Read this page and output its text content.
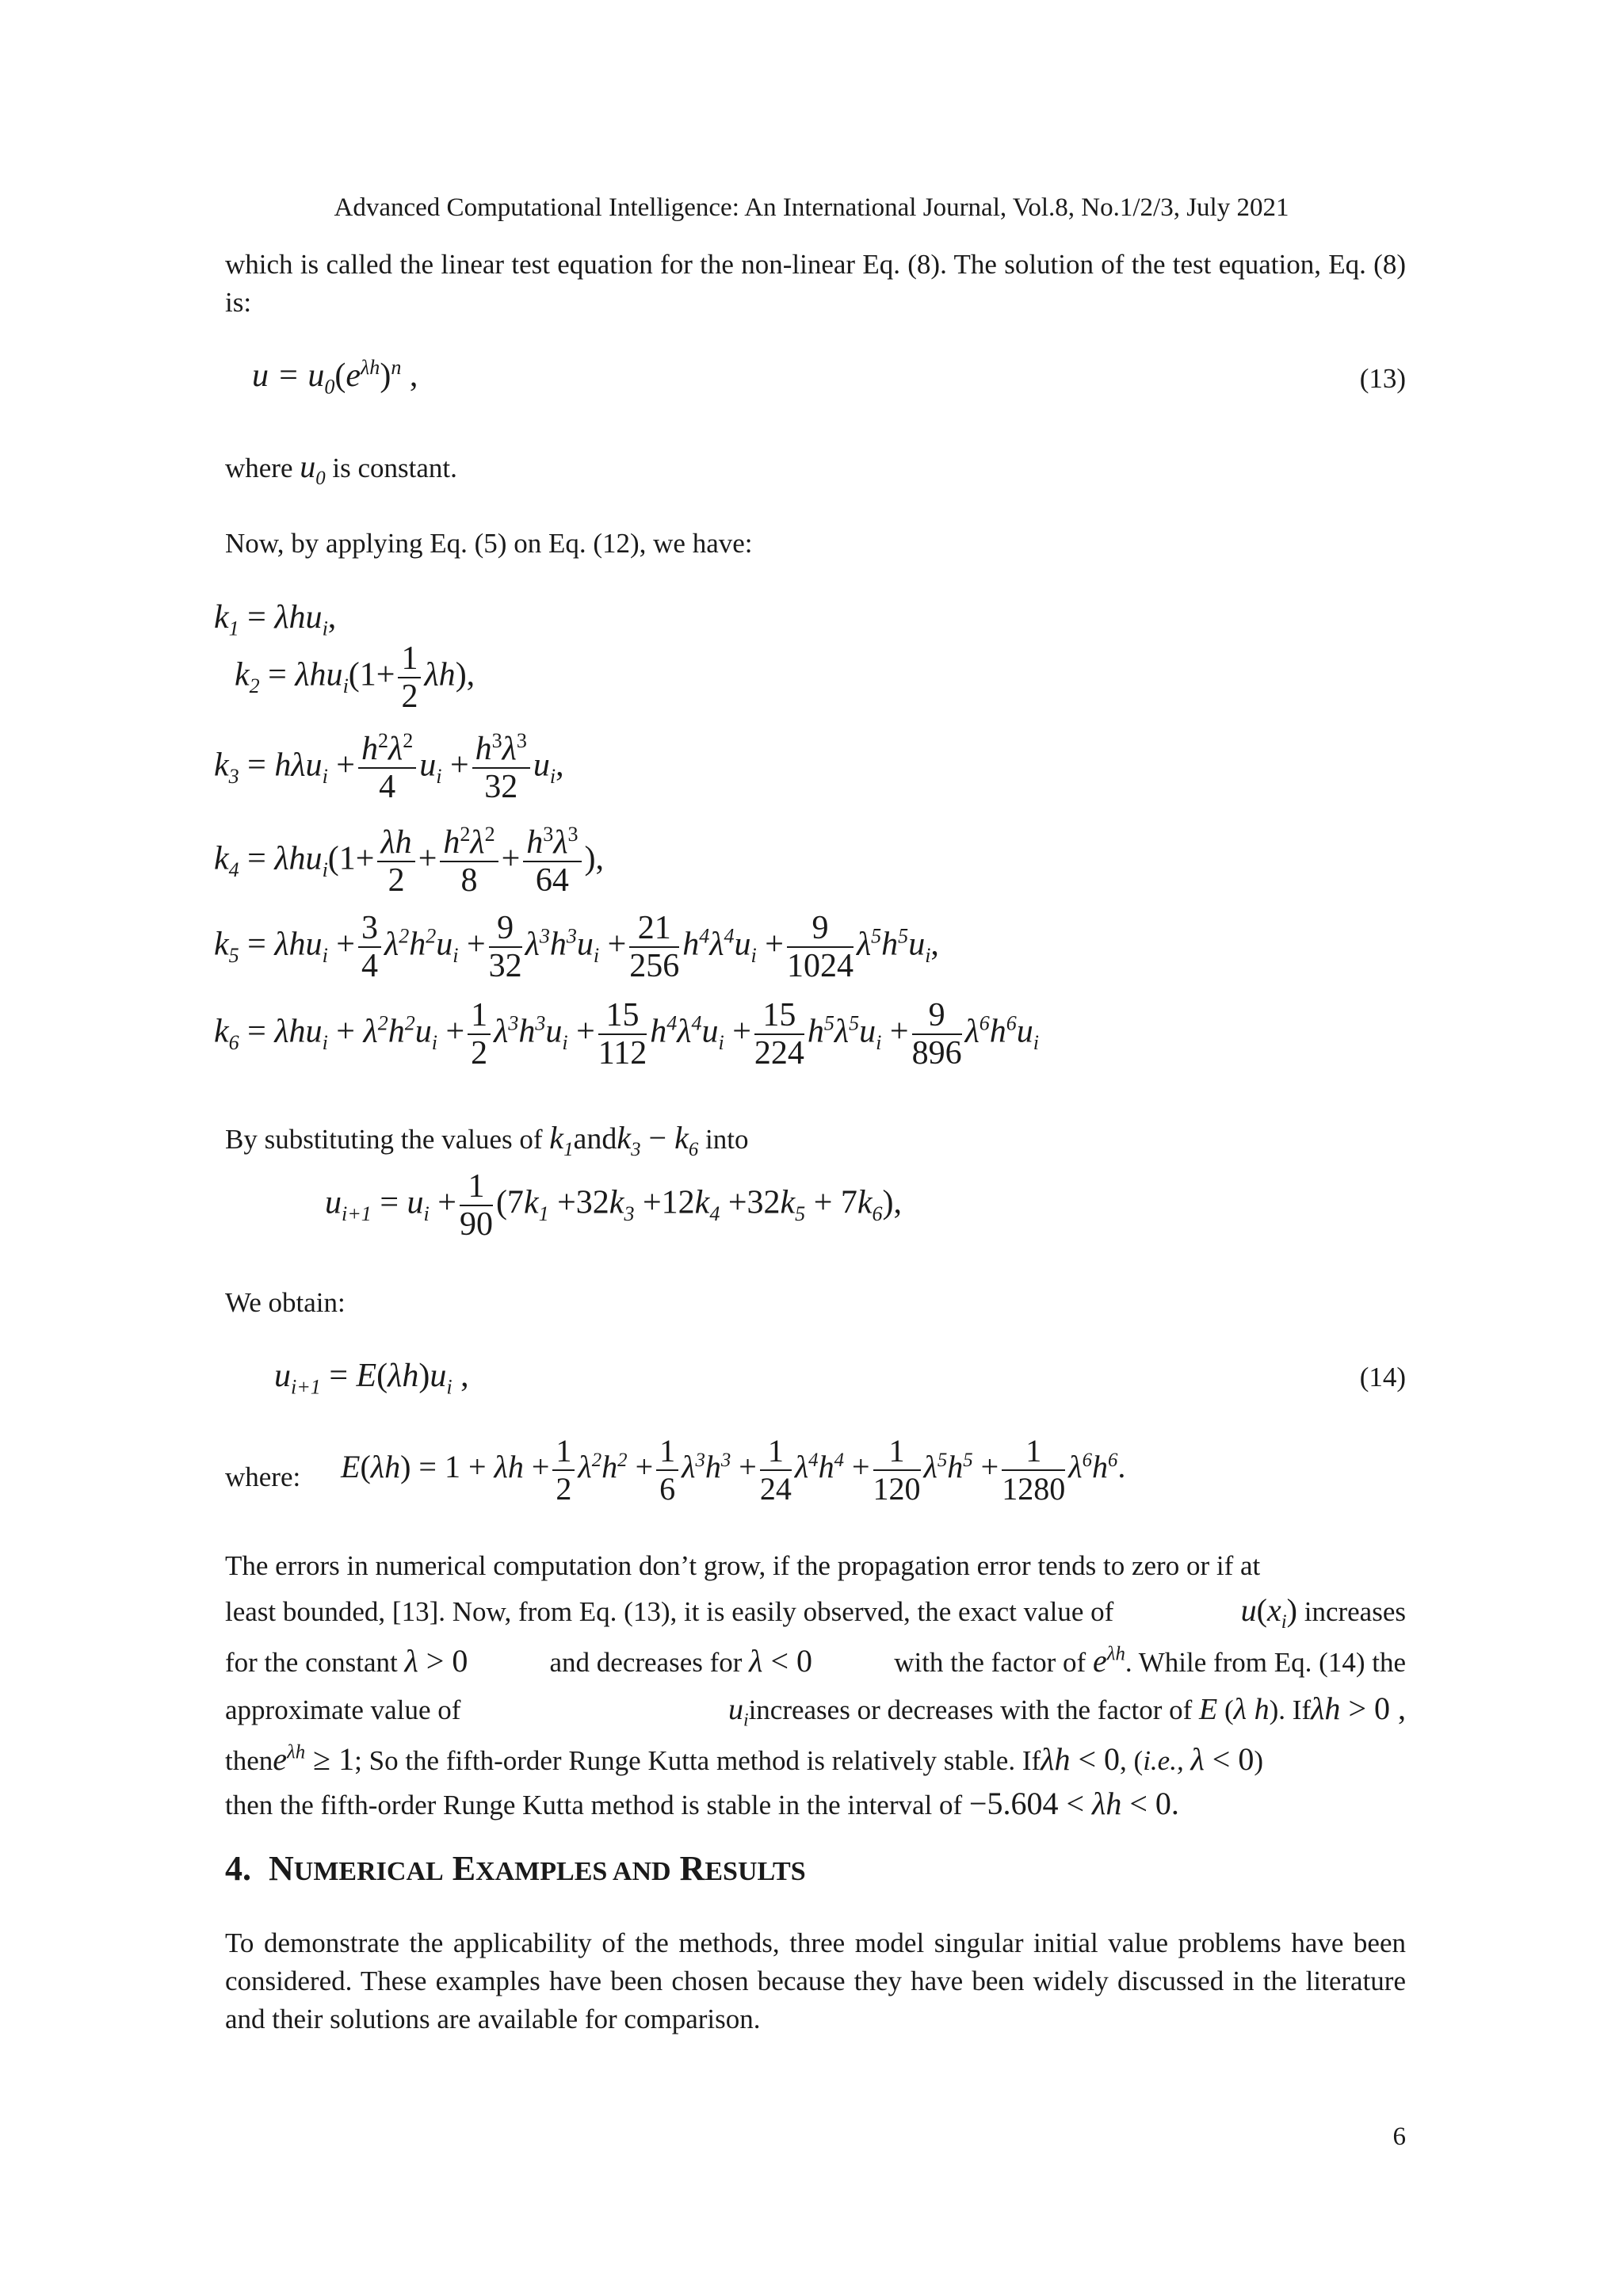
Advanced Computational Intelligence: An International Journal, Vol.8, No.1/2/3, July 2021
which is called the linear test equation for the non-linear Eq. (8). The solution of the test equation, Eq. (8) is:
$u = u_0(e^{\lambda h})^n$ ,	(13)
where $u_0$ is constant.
Now, by applying Eq. (5) on Eq. (12), we have:
$k_1 = \lambda hu_i$,
$k_2 = \lambda hu_i(1+ \frac{1}{2} \lambda h)$,
$k_3 = h\lambda u_i + \frac{h^2\lambda^2}{4} u_i + \frac{h^3\lambda^3}{32} u_i$,
$k_4 = \lambda hu_i(1+ \frac{\lambda h}{2} + \frac{h^2\lambda^2}{8} + \frac{h^3\lambda^3}{64}$ ),
$k_5 = \lambda hu_i + \frac{3}{4} \lambda^2h^2u_i + \frac{9}{32} \lambda^3h^3u_i + \frac{21}{256} h^4\lambda^4u_i + \frac{9}{1024} \lambda^5h^5u_i$,
$k_6 = \lambda hu_i + \lambda^2h^2u_i + \frac{1}{2} \lambda^3h^3u_i + \frac{15}{112} h^4\lambda^4u_i + \frac{15}{224} h^5\lambda^5u_i + \frac{9}{896} \lambda^6h^6u_i$
By substituting the values of $k_1andk_3 - k_6$ into
$u_{i+1} = u_i + \frac{1}{90} (7k_1 +32k_3 +12k_4 +32k_5 + 7k_6)$,
We obtain:
$u_{i+1} = E(\lambda h)u_i$ ,	(14)
where: $E(\lambda h) = 1 + \lambda h + \frac{1}{2} \lambda^2h^2 + \frac{1}{6} \lambda^3h^3 + \frac{1}{24} \lambda^4h^4 + \frac{1}{120} \lambda^5h^5 + \frac{1}{1280} \lambda^6h^6$.
The errors in numerical computation don’t grow, if the propagation error tends to zero or if at
least bounded, [13]. Now, from Eq. (13), it is easily observed, the exact value of	$u(x_i)$ increases
for the constant λ > 0	and decreases for λ < 0	with the factor of $e^{\lambda h}$. While from Eq. (14) the
approximate value of	$u_iincreases$ or decreases with the factor of E (λ h). Ifλh > 0 ,
thene$^{\lambda h}$ ≥ 1; So the fifth-order Runge Kutta method is relatively stable. Ifλh < 0, (i.e., λ < 0)
then the fifth-order Runge Kutta method is stable in the interval of −5.604 < λh < 0.
4. NUMERICAL EXAMPLES AND RESULTS
To demonstrate the applicability of the methods, three model singular initial value problems have been considered. These examples have been chosen because they have been widely discussed in the literature and their solutions are available for comparison.
6
